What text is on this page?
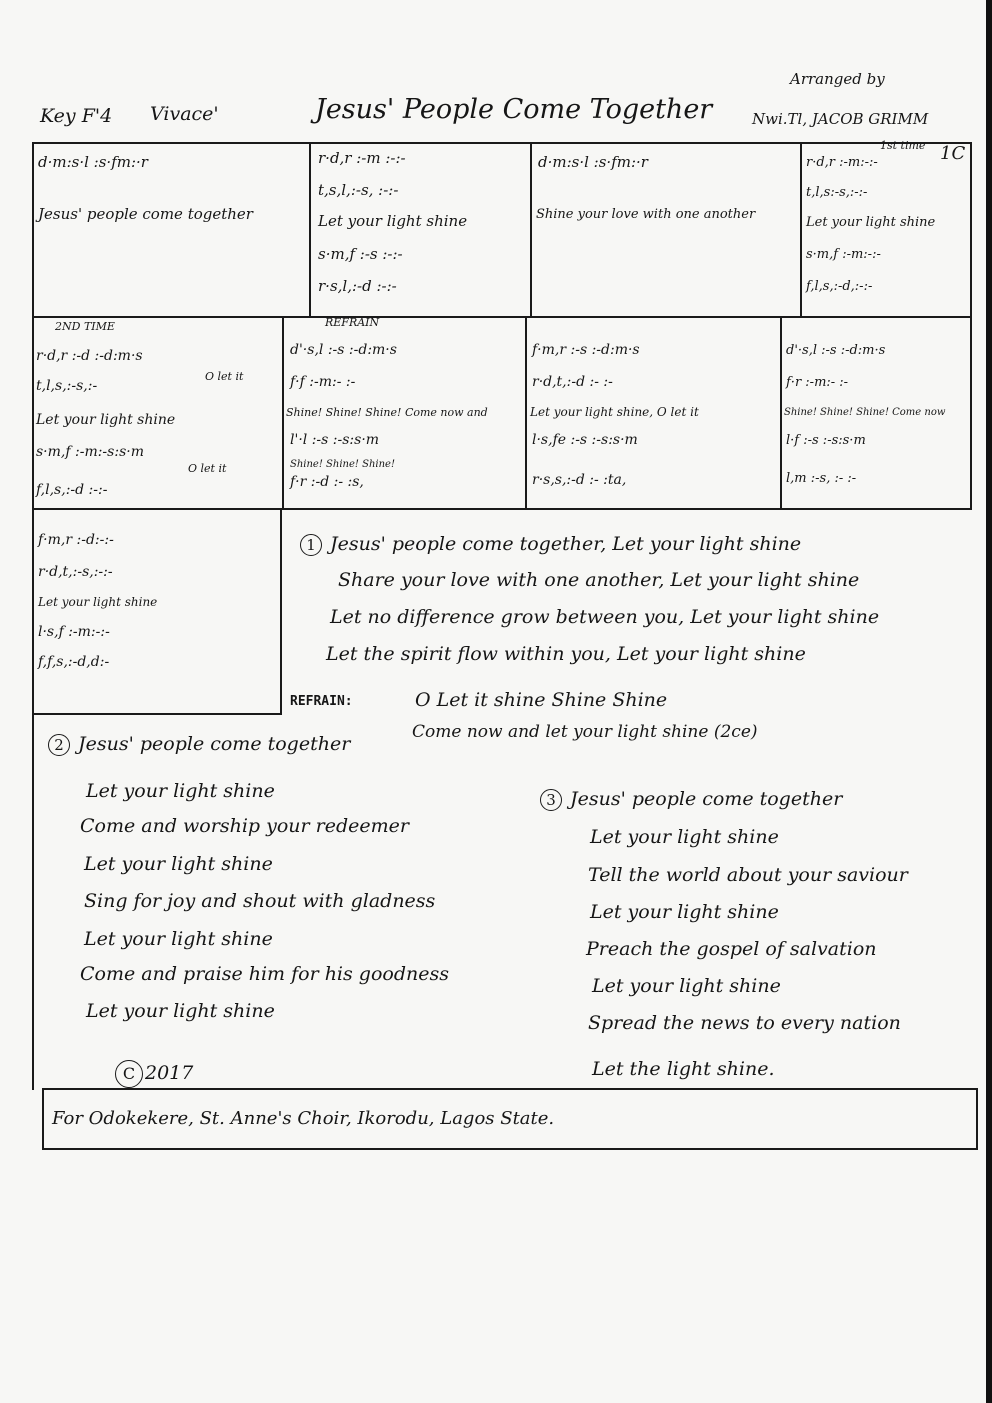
Arranged by
Nwi.Tl, JACOB GRIMM
Key F'4 Vivace'	Jesus' People Come Together
d·m:s·l :s·fm:·r
Jesus' people come together
r·d,r :-m :-:-
t,s,l,:-s, :-:-
Let your light shine
s·m,f :-s :-:-
r·s,l,:-d :-:-
d·m:s·l :s·fm:·r
Shine your love with one another
1st time 1C
r·d,r :-m:-:-
t,l,s:-s,:-:-
Let your light shine
s·m,f :-m:-:-
f,l,s,:-d,:-:-
2ND TIME
r·d,r :-d :-d:m·s
t,l,s,:-s,:-
O let it
Let your light shine
s·m,f :-m:-s:s·m
O let it
f,l,s,:-d :-:-
REFRAIN
d'·s,l :-s :-d:m·s
f·f :-m:- :-
Shine! Shine! Shine! Come now and
l'·l :-s :-s:s·m
Shine! Shine! Shine!
f·r :-d :- :s,
f·m,r :-s :-d:m·s
r·d,t,:-d :- :-
Let your light shine, O let it
l·s,fe :-s :-s:s·m
r·s,s,:-d :- :ta,
d'·s,l :-s :-d:m·s
f·r :-m:- :-
Shine! Shine! Shine! Come now
l·f :-s :-s:s·m
l,m :-s, :- :-
f·m,r :-d:-:-
r·d,t,:-s,:-:-
Let your light shine
l·s,f :-m:-:-
f,f,s,:-d,d:-
1 Jesus' people come together, Let your light shine
Share your love with one another, Let your light shine
Let no difference grow between you, Let your light shine
Let the spirit flow within you, Let your light shine
REFRAIN:	O Let it shine Shine Shine
Come now and let your light shine (2ce)
2 Jesus' people come together
Let your light shine
Come and worship your redeemer
Let your light shine
Sing for joy and shout with gladness
Let your light shine
Come and praise him for his goodness
Let your light shine
3 Jesus' people come together
Let your light shine
Tell the world about your saviour
Let your light shine
Preach the gospel of salvation
Let your light shine
Spread the news to every nation
Let the light shine.
C 2017
For Odokekere, St. Anne's Choir, Ikorodu, Lagos State.
